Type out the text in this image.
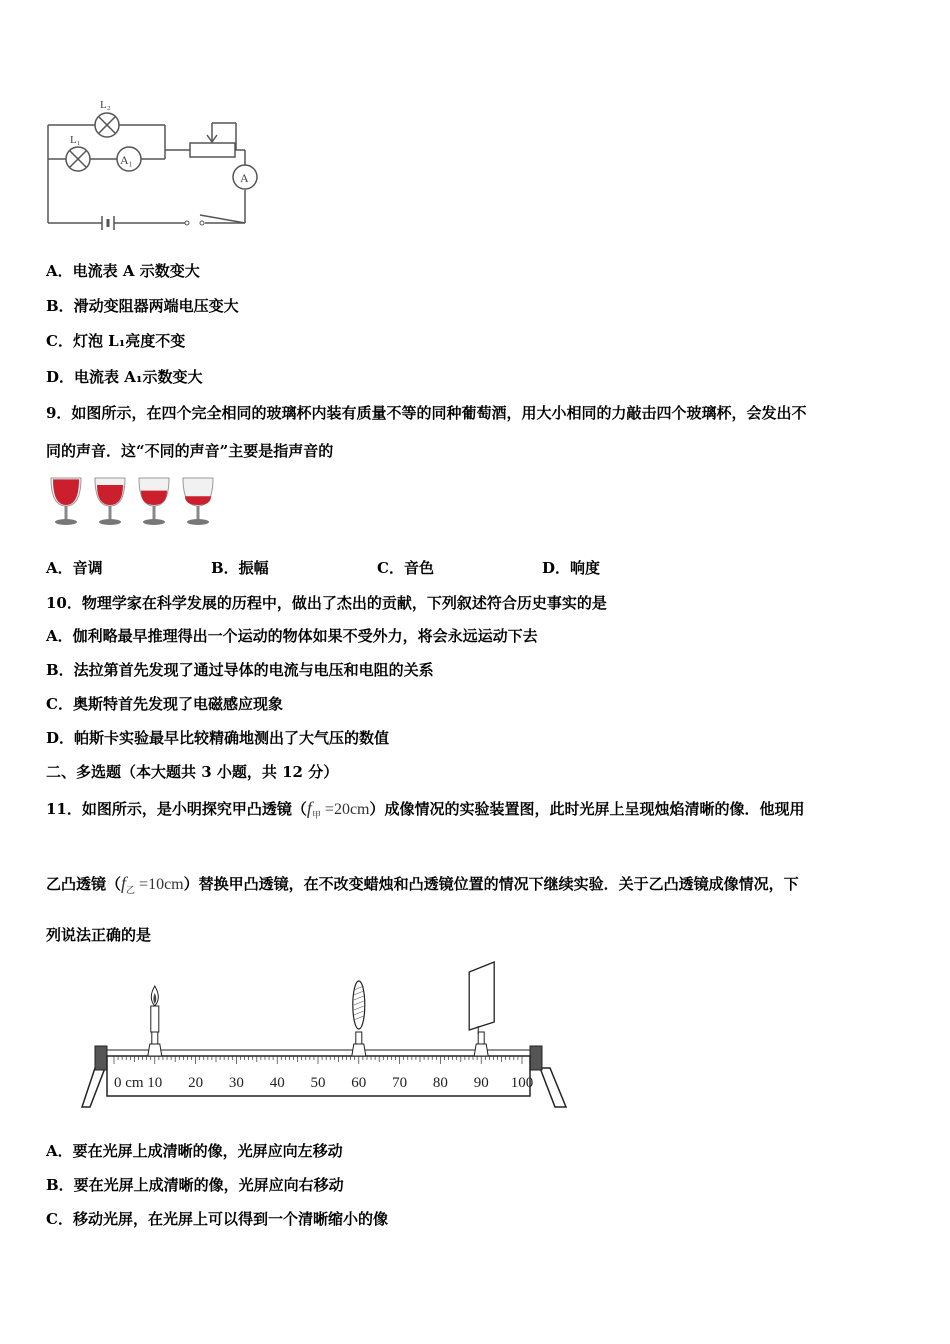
L₂
L₁
A₁
A
A．电流表 A 示数变大
B．滑动变阻器两端电压变大
C．灯泡 L₁亮度不变
D．电流表 A₁示数变大
9．如图所示，在四个完全相同的玻璃杯内装有质量不等的同种葡萄酒，用大小相同的力敲击四个玻璃杯，会发出不
同的声音．这“不同的声音”主要是指声音的
A．音调	B．振幅	C．音色	D．响度
10．物理学家在科学发展的历程中，做出了杰出的贡献，下列叙述符合历史事实的是
A．伽利略最早推理得出一个运动的物体如果不受外力，将会永远运动下去
B．法拉第首先发现了通过导体的电流与电压和电阻的关系
C．奥斯特首先发现了电磁感应现象
D．帕斯卡实验最早比较精确地测出了大气压的数值
二、多选题（本大题共 3 小题，共 12 分）
11．如图所示，是小明探究甲凸透镜$(f_甲 =20cm)$成像情况的实验装置图，此时光屏上呈现烛焰清晰的像．他现用
乙凸透镜$(f_乙 =10cm)$替换甲凸透镜，在不改变蜡烛和凸透镜位置的情况下继续实验．关于乙凸透镜成像情况，下
列说法正确的是
10 20 30 40 50 60 70 80 90 100
0 cm
A．要在光屏上成清晰的像，光屏应向左移动
B．要在光屏上成清晰的像，光屏应向右移动
C．移动光屏，在光屏上可以得到一个清晰缩小的像
